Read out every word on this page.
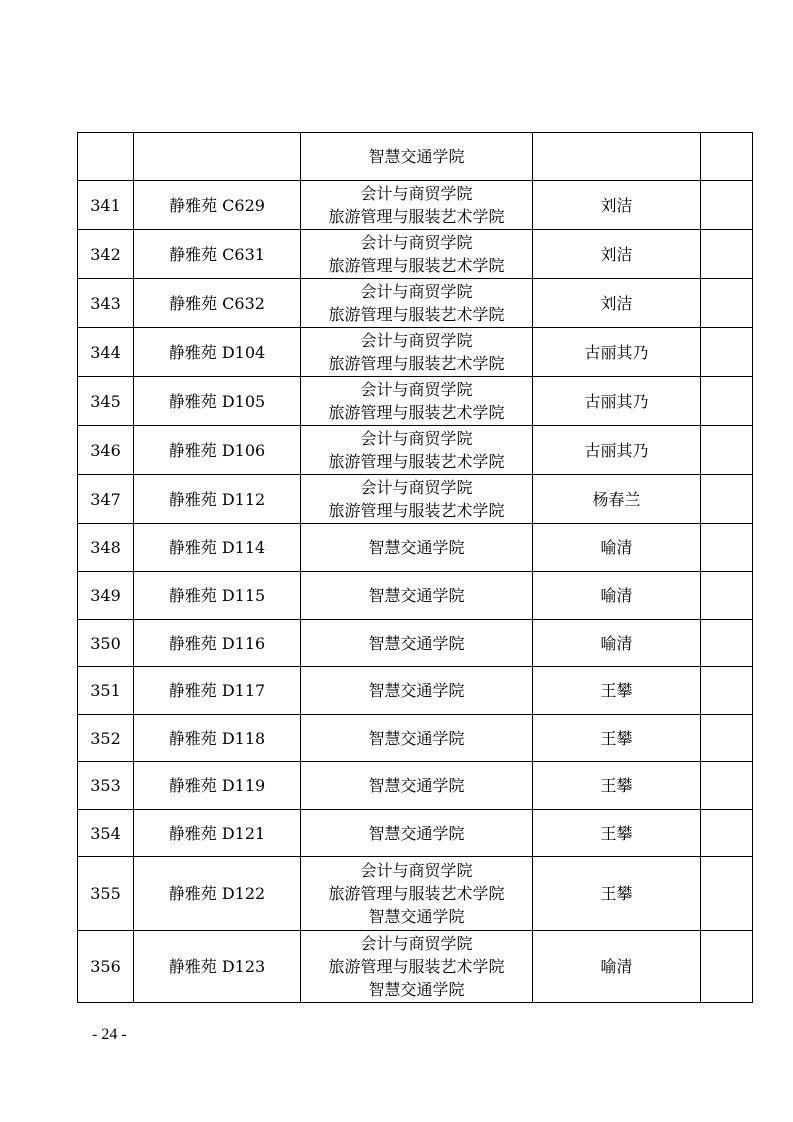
		智慧交通学院		

341	静雅苑 C629	会计与商贸学院
旅游管理与服装艺术学院	刘洁	
342	静雅苑 C631	会计与商贸学院
旅游管理与服装艺术学院	刘洁	
343	静雅苑 C632	会计与商贸学院
旅游管理与服装艺术学院	刘洁	
344	静雅苑 D104	会计与商贸学院
旅游管理与服装艺术学院	古丽其乃	
345	静雅苑 D105	会计与商贸学院
旅游管理与服装艺术学院	古丽其乃	
346	静雅苑 D106	会计与商贸学院
旅游管理与服装艺术学院	古丽其乃	
347	静雅苑 D112	会计与商贸学院
旅游管理与服装艺术学院	杨春兰	
348	静雅苑 D114	智慧交通学院	喻清	
349	静雅苑 D115	智慧交通学院	喻清	
350	静雅苑 D116	智慧交通学院	喻清	
351	静雅苑 D117	智慧交通学院	王攀	
352	静雅苑 D118	智慧交通学院	王攀	
353	静雅苑 D119	智慧交通学院	王攀	
354	静雅苑 D121	智慧交通学院	王攀	
355	静雅苑 D122	会计与商贸学院
旅游管理与服装艺术学院
智慧交通学院	王攀	
356	静雅苑 D123	会计与商贸学院
旅游管理与服装艺术学院
智慧交通学院	喻清	
- 24 -
